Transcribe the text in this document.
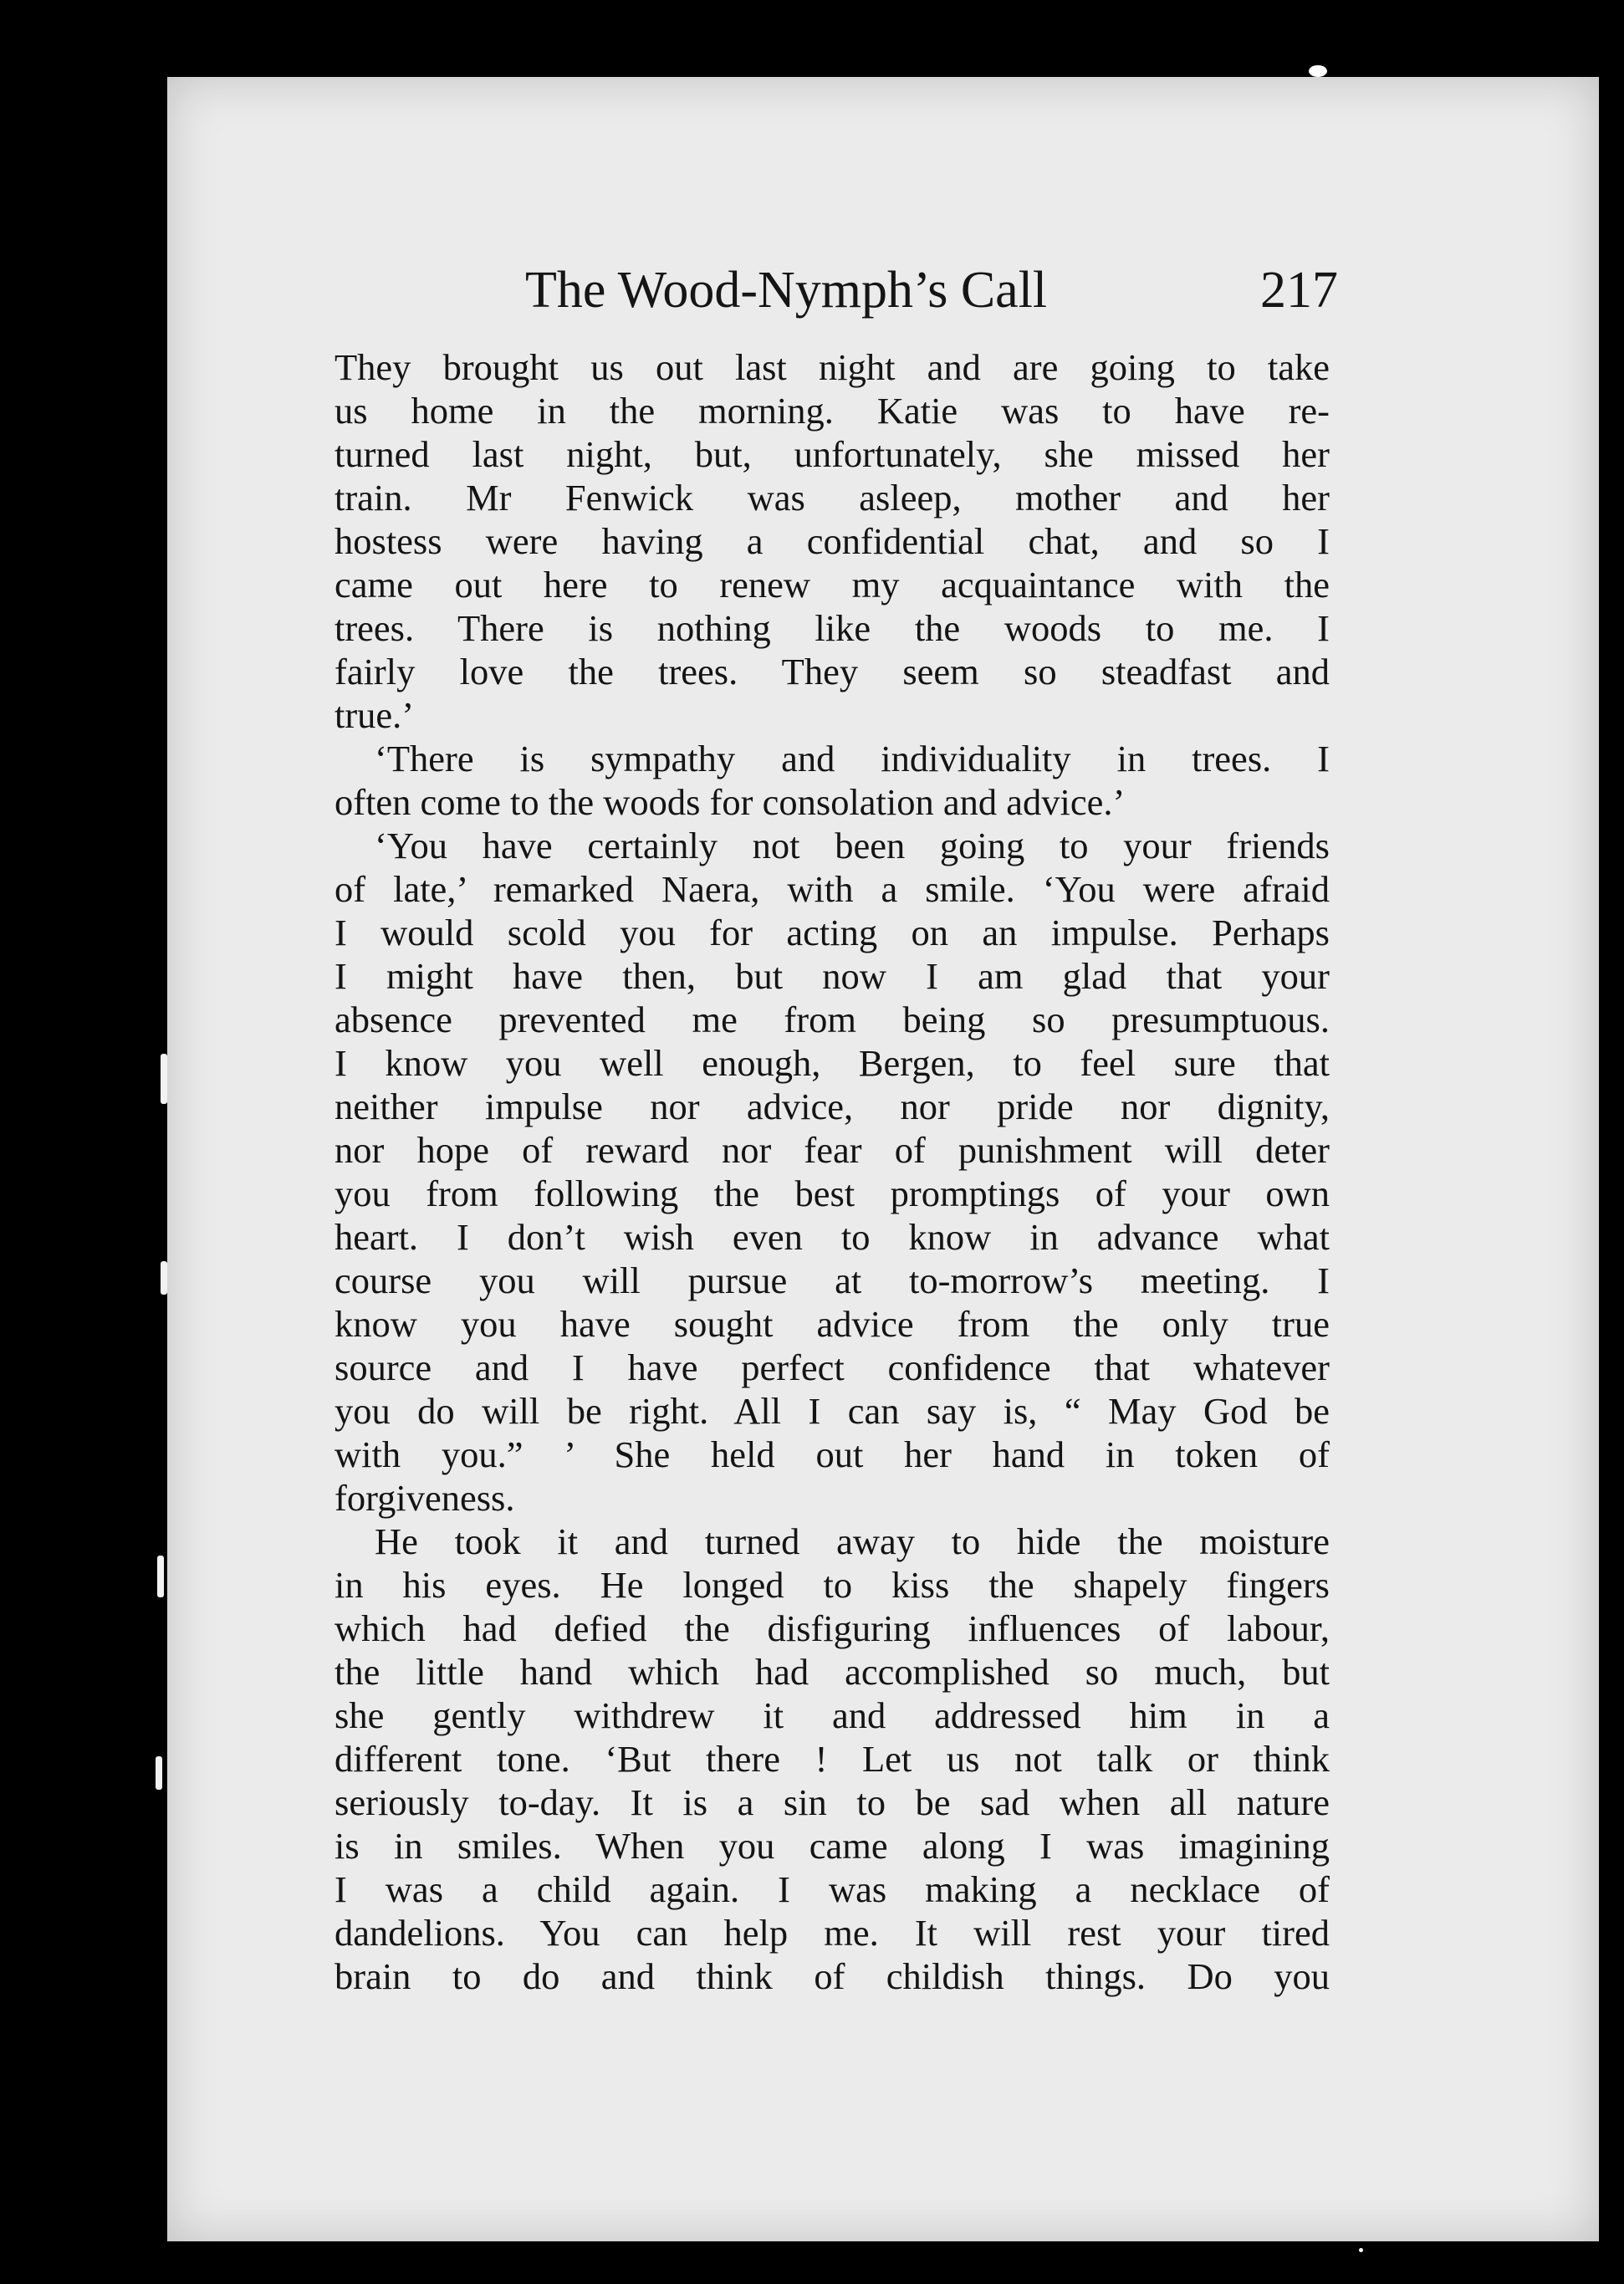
The Wood-Nymph’s Call	217
They brought us out last night and are going to take
us home in the morning. Katie was to have re-
turned last night, but, unfortunately, she missed her
train. Mr Fenwick was asleep, mother and her
hostess were having a confidential chat, and so I
came out here to renew my acquaintance with the
trees. There is nothing like the woods to me. I
fairly love the trees. They seem so steadfast and
true.’
‘There is sympathy and individuality in trees. I
often come to the woods for consolation and advice.’
‘You have certainly not been going to your friends
of late,’ remarked Naera, with a smile. ‘You were afraid
I would scold you for acting on an impulse. Perhaps
I might have then, but now I am glad that your
absence prevented me from being so presumptuous.
I know you well enough, Bergen, to feel sure that
neither impulse nor advice, nor pride nor dignity,
nor hope of reward nor fear of punishment will deter
you from following the best promptings of your own
heart. I don’t wish even to know in advance what
course you will pursue at to-morrow’s meeting. I
know you have sought advice from the only true
source and I have perfect confidence that whatever
you do will be right. All I can say is, “ May God be
with you.” ’ She held out her hand in token of
forgiveness.
He took it and turned away to hide the moisture
in his eyes. He longed to kiss the shapely fingers
which had defied the disfiguring influences of labour,
the little hand which had accomplished so much, but
she gently withdrew it and addressed him in a
different tone. ‘But there ! Let us not talk or think
seriously to-day. It is a sin to be sad when all nature
is in smiles. When you came along I was imagining
I was a child again. I was making a necklace of
dandelions. You can help me. It will rest your tired
brain to do and think of childish things. Do you
